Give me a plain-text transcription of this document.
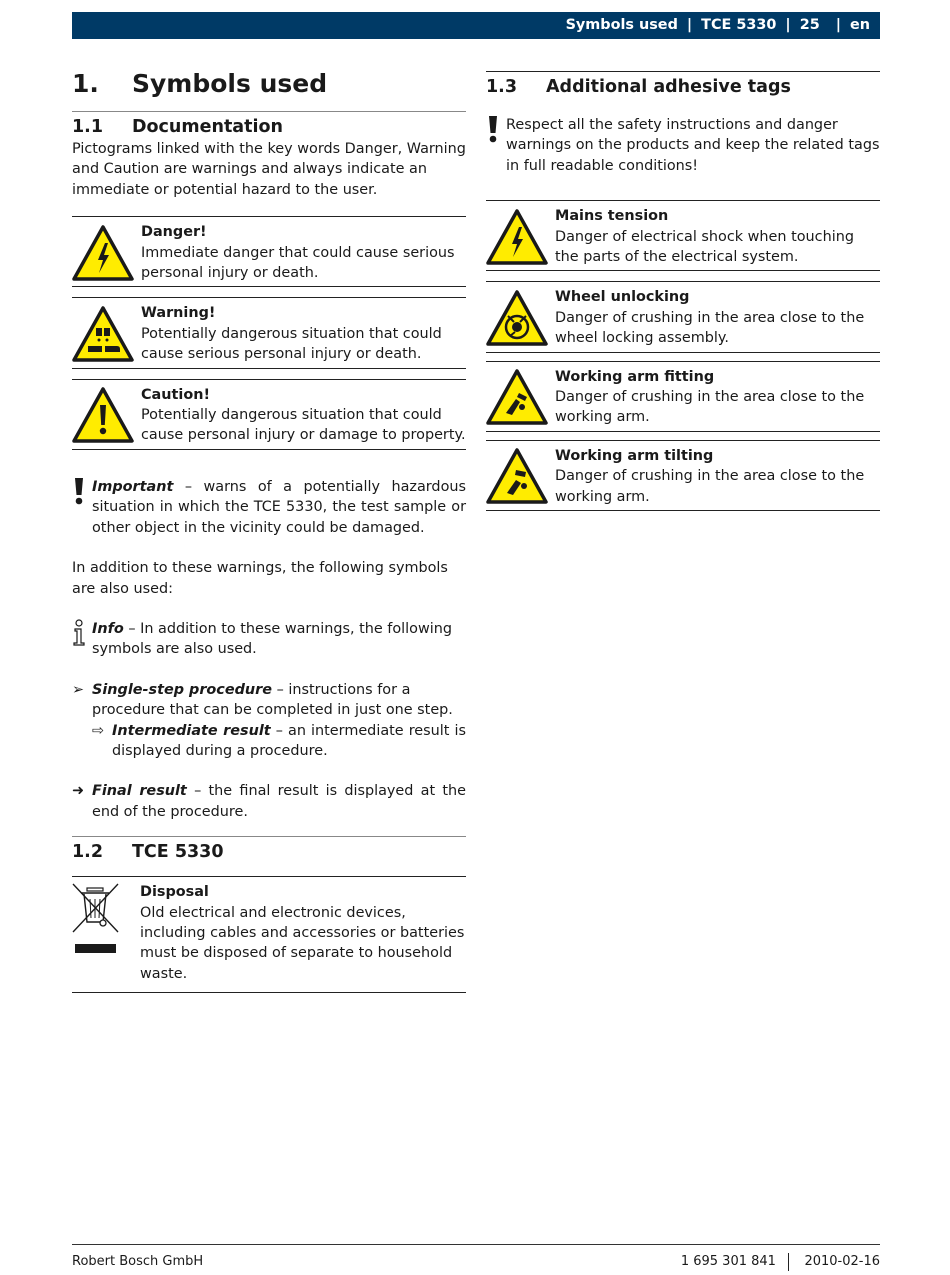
Symbols used | TCE 5330 | 25 | en
1.	Symbols used
1.1	Documentation

Pictograms linked with the key words Danger, Warning and Caution are warnings and always indicate an immediate or potential hazard to the user.

Danger!
Immediate danger that could cause serious personal injury or death.
Warning!
Potentially dangerous situation that could cause serious personal injury or death.
Caution!
Potentially dangerous situation that could cause personal injury or damage to property.

Important – warns of a potentially hazardous situation in which the TCE 5330, the test sample or other object in the vicinity could be damaged.

In addition to these warnings, the following symbols are also used:

Info – In addition to these warnings, the following symbols are also used.

➢ Single-step procedure – instructions for a procedure that can be completed in just one step.

⇨ Intermediate result – an intermediate result is displayed during a procedure.

➜ Final result – the final result is displayed at the end of the procedure.

1.2	TCE 5330
Disposal
Old electrical and electronic devices, including cables and accessories or batteries must be disposed of separate to household waste.
1.3	Additional adhesive tags

Respect all the safety instructions and danger warnings on the products and keep the related tags in full readable conditions!

Mains tension
Danger of electrical shock when touching the parts of the electrical system.
Wheel unlocking
Danger of crushing in the area close to the wheel locking assembly.
Working arm fitting
Danger of crushing in the area close to the working arm.
Working arm tilting
Danger of crushing in the area close to the working arm.
Robert Bosch GmbH	1 695 301 841 2010-02-16
